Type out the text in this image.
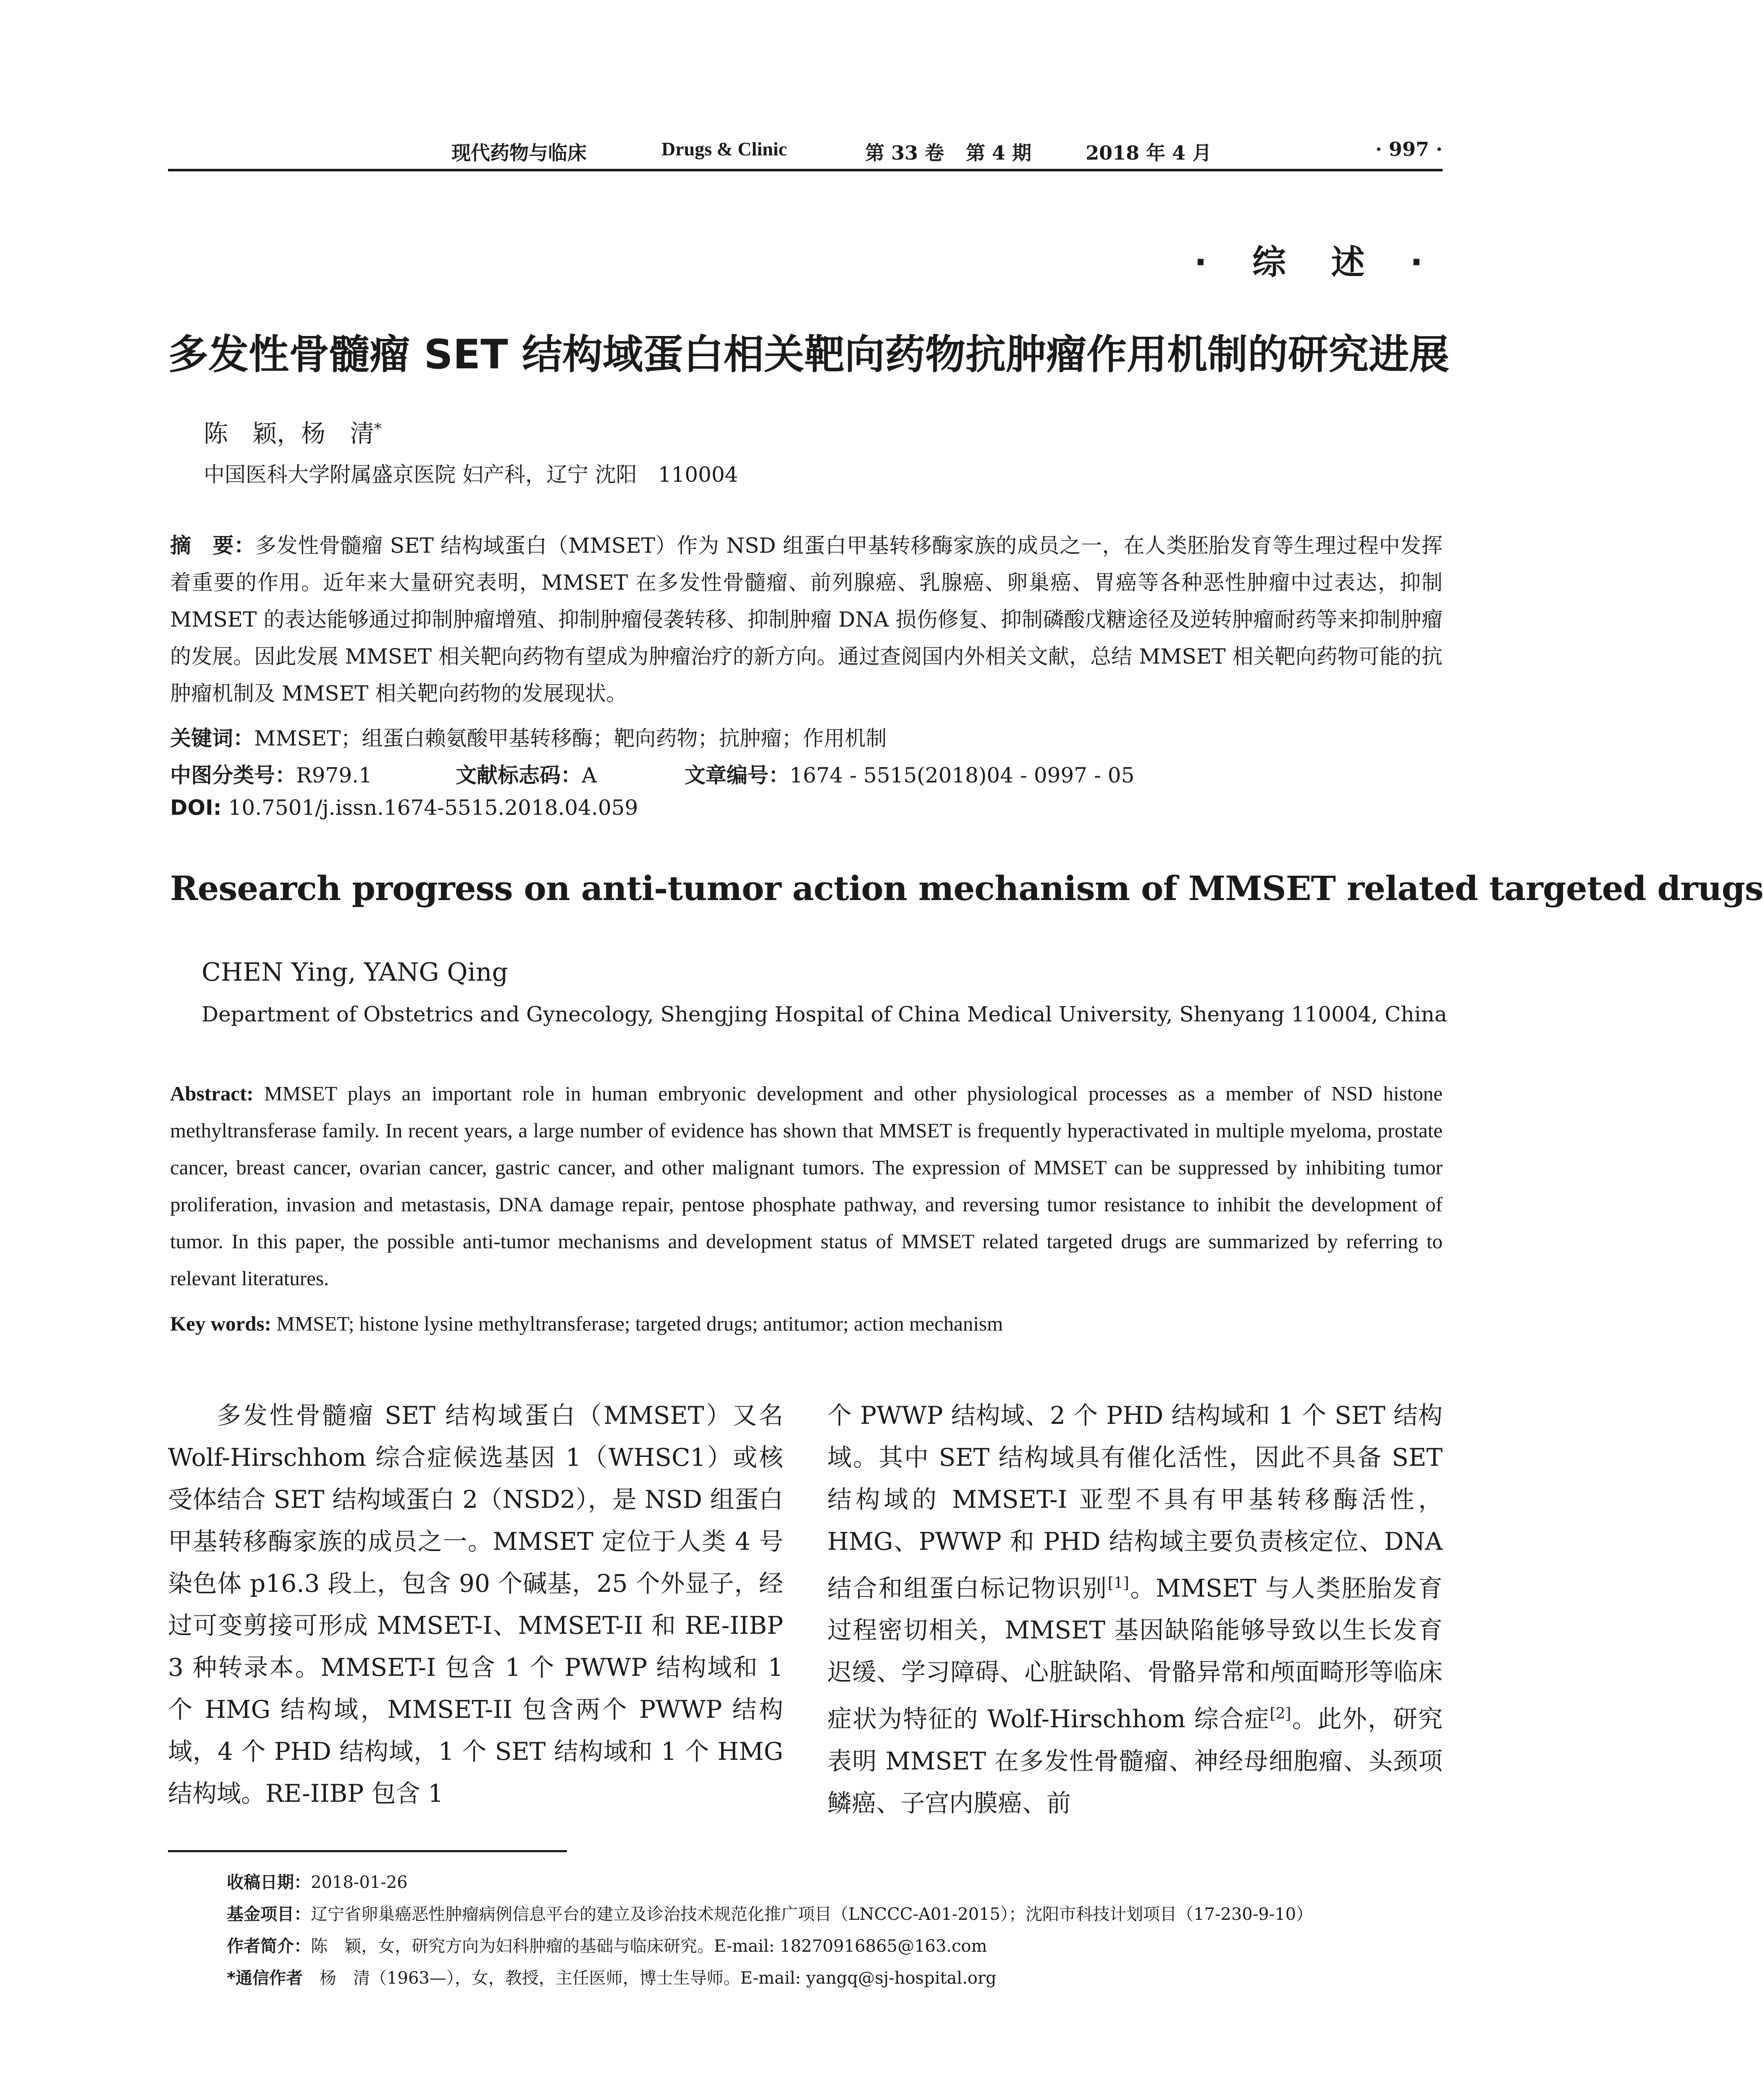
现代药物与临床	Drugs & Clinic	第 33 卷 第 4 期	2018 年 4 月	· 997 ·
· 综 述 ·
多发性骨髓瘤 SET 结构域蛋白相关靶向药物抗肿瘤作用机制的研究进展
陈　颖，杨　清*
中国医科大学附属盛京医院 妇产科，辽宁 沈阳　110004
摘　要：多发性骨髓瘤 SET 结构域蛋白（MMSET）作为 NSD 组蛋白甲基转移酶家族的成员之一，在人类胚胎发育等生理过程中发挥着重要的作用。近年来大量研究表明，MMSET 在多发性骨髓瘤、前列腺癌、乳腺癌、卵巢癌、胃癌等各种恶性肿瘤中过表达，抑制 MMSET 的表达能够通过抑制肿瘤增殖、抑制肿瘤侵袭转移、抑制肿瘤 DNA 损伤修复、抑制磷酸戊糖途径及逆转肿瘤耐药等来抑制肿瘤的发展。因此发展 MMSET 相关靶向药物有望成为肿瘤治疗的新方向。通过查阅国内外相关文献，总结 MMSET 相关靶向药物可能的抗肿瘤机制及 MMSET 相关靶向药物的发展现状。
关键词：MMSET；组蛋白赖氨酸甲基转移酶；靶向药物；抗肿瘤；作用机制
中图分类号：R979.1	文献标志码：A	文章编号：1674 - 5515(2018)04 - 0997 - 05
DOI: 10.7501/j.issn.1674-5515.2018.04.059
Research progress on anti-tumor action mechanism of MMSET related targeted drugs
CHEN Ying, YANG Qing
Department of Obstetrics and Gynecology, Shengjing Hospital of China Medical University, Shenyang 110004, China
Abstract: MMSET plays an important role in human embryonic development and other physiological processes as a member of NSD histone methyltransferase family. In recent years, a large number of evidence has shown that MMSET is frequently hyperactivated in multiple myeloma, prostate cancer, breast cancer, ovarian cancer, gastric cancer, and other malignant tumors. The expression of MMSET can be suppressed by inhibiting tumor proliferation, invasion and metastasis, DNA damage repair, pentose phosphate pathway, and reversing tumor resistance to inhibit the development of tumor. In this paper, the possible anti-tumor mechanisms and development status of MMSET related targeted drugs are summarized by referring to relevant literatures.
Key words: MMSET; histone lysine methyltransferase; targeted drugs; antitumor; action mechanism
多发性骨髓瘤 SET 结构域蛋白（MMSET）又名 Wolf-Hirschhom 综合症候选基因 1（WHSC1）或核受体结合 SET 结构域蛋白 2（NSD2），是 NSD 组蛋白甲基转移酶家族的成员之一。MMSET 定位于人类 4 号染色体 p16.3 段上，包含 90 个碱基，25 个外显子，经过可变剪接可形成 MMSET-I、MMSET-II 和 RE-IIBP 3 种转录本。MMSET-I 包含 1 个 PWWP 结构域和 1 个 HMG 结构域，MMSET-II 包含两个 PWWP 结构域，4 个 PHD 结构域，1 个 SET 结构域和 1 个 HMG 结构域。RE-IIBP 包含 1
个 PWWP 结构域、2 个 PHD 结构域和 1 个 SET 结构域。其中 SET 结构域具有催化活性，因此不具备 SET 结构域的 MMSET-I 亚型不具有甲基转移酶活性，HMG、PWWP 和 PHD 结构域主要负责核定位、DNA 结合和组蛋白标记物识别[1]。MMSET 与人类胚胎发育过程密切相关，MMSET 基因缺陷能够导致以生长发育迟缓、学习障碍、心脏缺陷、骨骼异常和颅面畸形等临床症状为特征的 Wolf-Hirschhom 综合症[2]。此外，研究表明 MMSET 在多发性骨髓瘤、神经母细胞瘤、头颈项鳞癌、子宫内膜癌、前
收稿日期：2018-01-26
基金项目：辽宁省卵巢癌恶性肿瘤病例信息平台的建立及诊治技术规范化推广项目（LNCCC-A01-2015）；沈阳市科技计划项目（17-230-9-10）
作者简介：陈　颖，女，研究方向为妇科肿瘤的基础与临床研究。E-mail: 18270916865@163.com
*通信作者　 杨　清（1963—），女，教授，主任医师，博士生导师。E-mail: yangq@sj-hospital.org
